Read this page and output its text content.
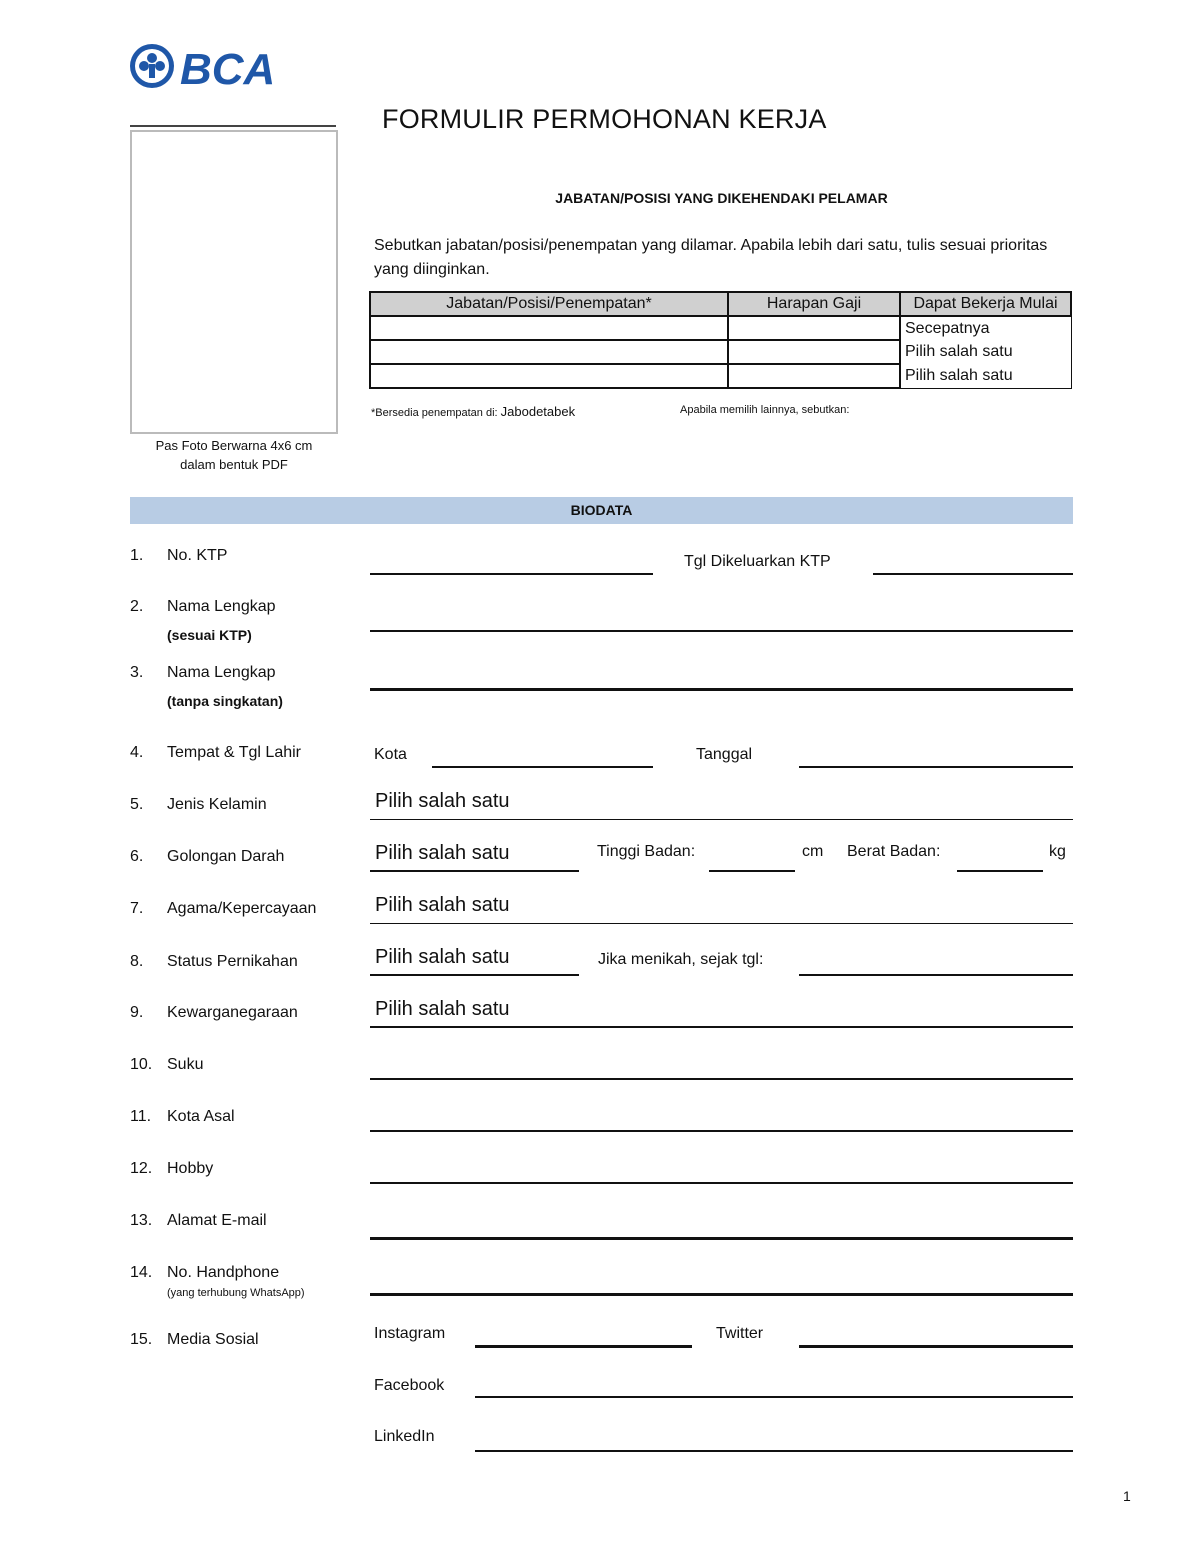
BCA
Pas Foto Berwarna 4x6 cm
dalam bentuk PDF
FORMULIR PERMOHONAN KERJA
JABATAN/POSISI YANG DIKEHENDAKI PELAMAR
Sebutkan jabatan/posisi/penempatan yang dilamar. Apabila lebih dari satu, tulis sesuai prioritas yang diinginkan.
Jabatan/Posisi/Penempatan*	Harapan Gaji	Dapat Bekerja Mulai
		Secepatnya
		Pilih salah satu
		Pilih salah satu
*Bersedia penempatan di: Jabodetabek	Apabila memilih lainnya, sebutkan:
BIODATA
1.	No. KTP	Tgl Dikeluarkan KTP
2.	Nama Lengkap
(sesuai KTP)
3.	Nama Lengkap
(tanpa singkatan)
4.	Tempat & Tgl Lahir	Kota	Tanggal
5.	Jenis Kelamin	Pilih salah satu
6.	Golongan Darah	Pilih salah satu	Tinggi Badan:	cm Berat Badan:	kg
7.	Agama/Kepercayaan	Pilih salah satu
8.	Status Pernikahan	Pilih salah satu	Jika menikah, sejak tgl:
9.	Kewarganegaraan	Pilih salah satu
10. Suku
11. Kota Asal
12. Hobby
13. Alamat E-mail
14. No. Handphone
(yang terhubung WhatsApp)
15. Media Sosial	Instagram	Twitter
Facebook
LinkedIn
1
